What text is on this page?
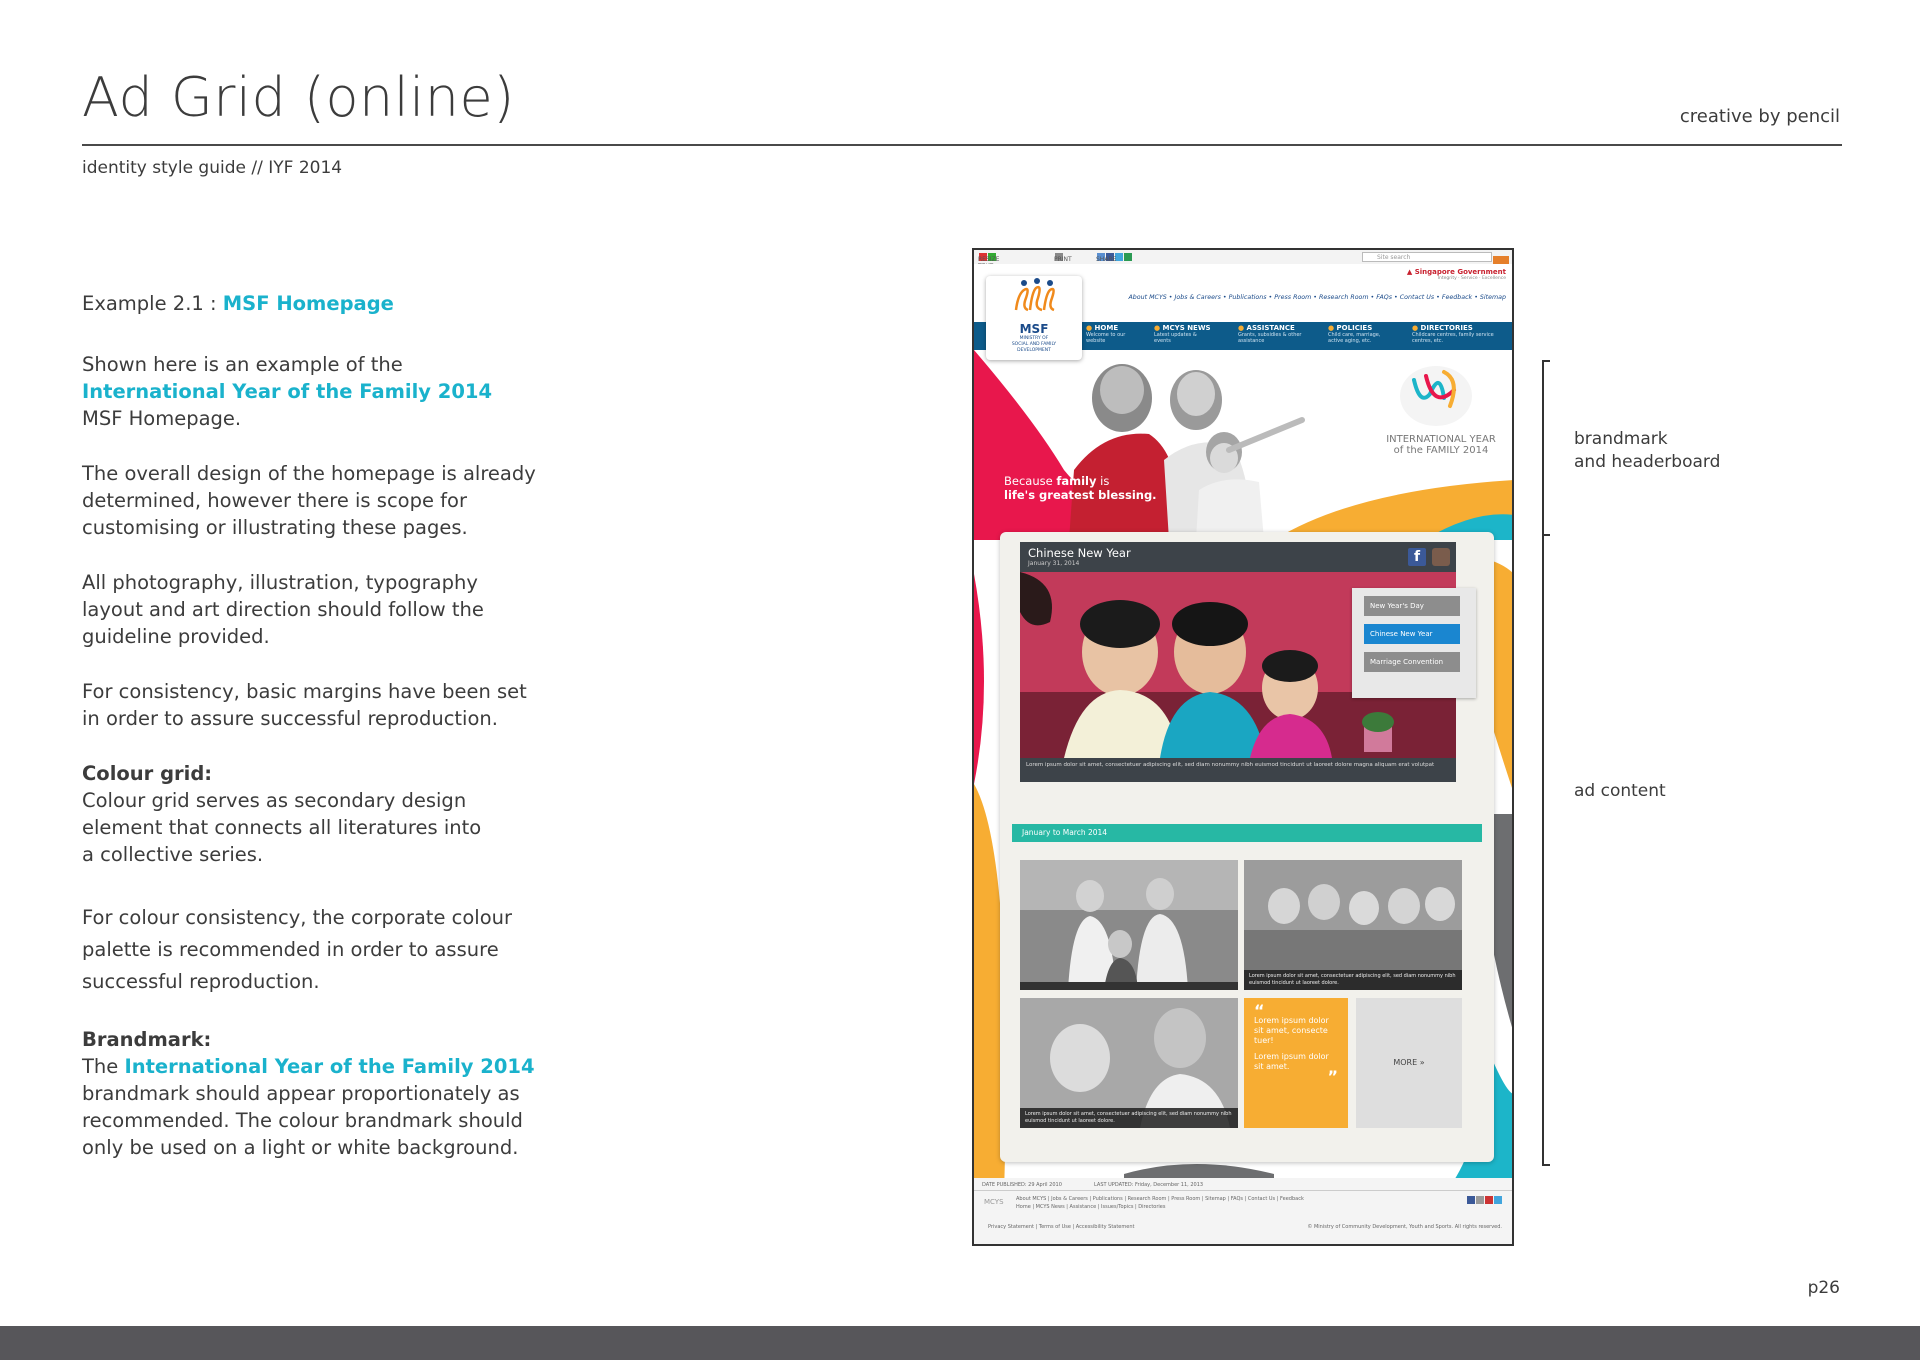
Ad Grid (online)	creative by pencil
identity style guide // IYF 2014

Example 2.1 : MSF Homepage

Shown here is an example of the

International Year of the Family 2014

MSF Homepage.

The overall design of the homepage is already

determined, however there is scope for

customising or illustrating these pages.

All photography, illustration, typography

layout and art direction should follow the

guideline provided.

For consistency, basic margins have been set

in order to assure successful reproduction.

Colour grid:

Colour grid serves as secondary design

element that connects all literatures into

a collective series.

For colour consistency, the corporate colour

palette is recommended in order to assure

successful reproduction.

Brandmark:

The International Year of the Family 2014

brandmark should appear proportionately as

recommended. The colour brandmark should

only be used on a light or white background.

RESIZE	PRINT	SHARE	Site search
MSF
MINISTRY OF
SOCIAL AND FAMILY
DEVELOPMENT
▲ Singapore Government
Integrity · Service · Excellence
About MCYS • Jobs & Careers • Publications • Press Room • Research Room • FAQs • Contact Us • Feedback • Sitemap
● HOME
Welcome to our website
● MCYS NEWS
Latest updates & events
● ASSISTANCE
Grants, subsidies & other assistance
● POLICIES
Child care, marriage, active aging, etc.
● DIRECTORIES
Childcare centres, family service centres, etc.
Because family is
life's greatest blessing.
INTERNATIONAL YEAR
of the FAMILY 2014
Chinese New Year
January 31, 2014	f
New Year's Day
Chinese New Year
Marriage Convention
Lorem ipsum dolor sit amet, consectetuer adipiscing elit, sed diam nonummy nibh euismod tincidunt ut laoreet dolore magna aliquam erat volutpat
January to March 2014
Lorem ipsum dolor sit amet, consectetuer adipiscing elit, sed diam nonummy nibh euismod tincidunt ut laoreet dolore.
Lorem ipsum dolor sit amet, consectetuer adipiscing elit, sed diam nonummy nibh euismod tincidunt ut laoreet dolore.
“
Lorem ipsum dolor sit amet, consecte tuer!
Lorem ipsum dolor sit amet.
”
MORE »
DATE PUBLISHED: 29 April 2010	LAST UPDATED: Friday, December 11, 2013
MCYS About MCYS | Jobs & Careers | Publications | Research Room | Press Room | Sitemap | FAQs | Contact Us | Feedback
Home | MCYS News | Assistance | Issues/Topics | Directories
Privacy Statement | Terms of Use | Accessibility Statement	© Ministry of Community Development, Youth and Sports. All rights reserved.
brandmark
and headerboard
ad content
p26
